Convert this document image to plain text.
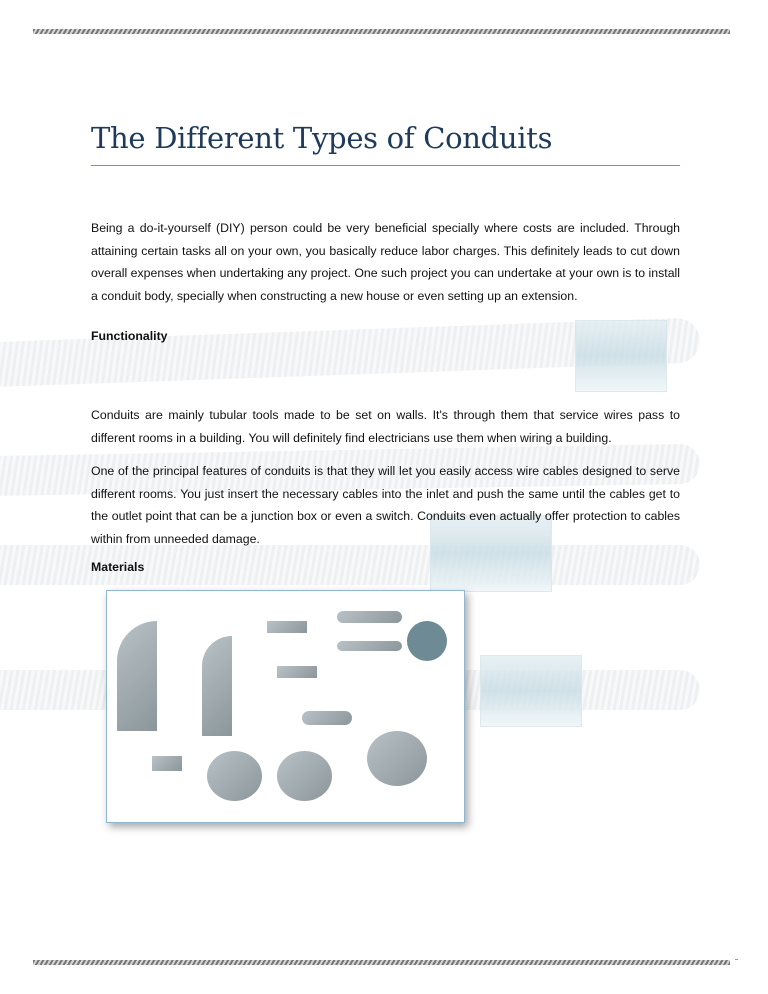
The Different Types of Conduits
Being a do-it-yourself (DIY) person could be very beneficial specially where costs are included. Through attaining certain tasks all on your own, you basically reduce labor charges. This definitely leads to cut down overall expenses when undertaking any project. One such project you can undertake at your own is to install a conduit body, specially when constructing a new house or even setting up an extension.
Functionality
Conduits are mainly tubular tools made to be set on walls. It's through them that service wires pass to different rooms in a building. You will definitely find electricians use them when wiring a building.
One of the principal features of conduits is that they will let you easily access wire cables designed to serve different rooms. You just insert the necessary cables into the inlet and push the same until the cables get to the outlet point that can be a junction box or even a switch. Conduits even actually offer protection to cables within from unneeded damage.
Materials
